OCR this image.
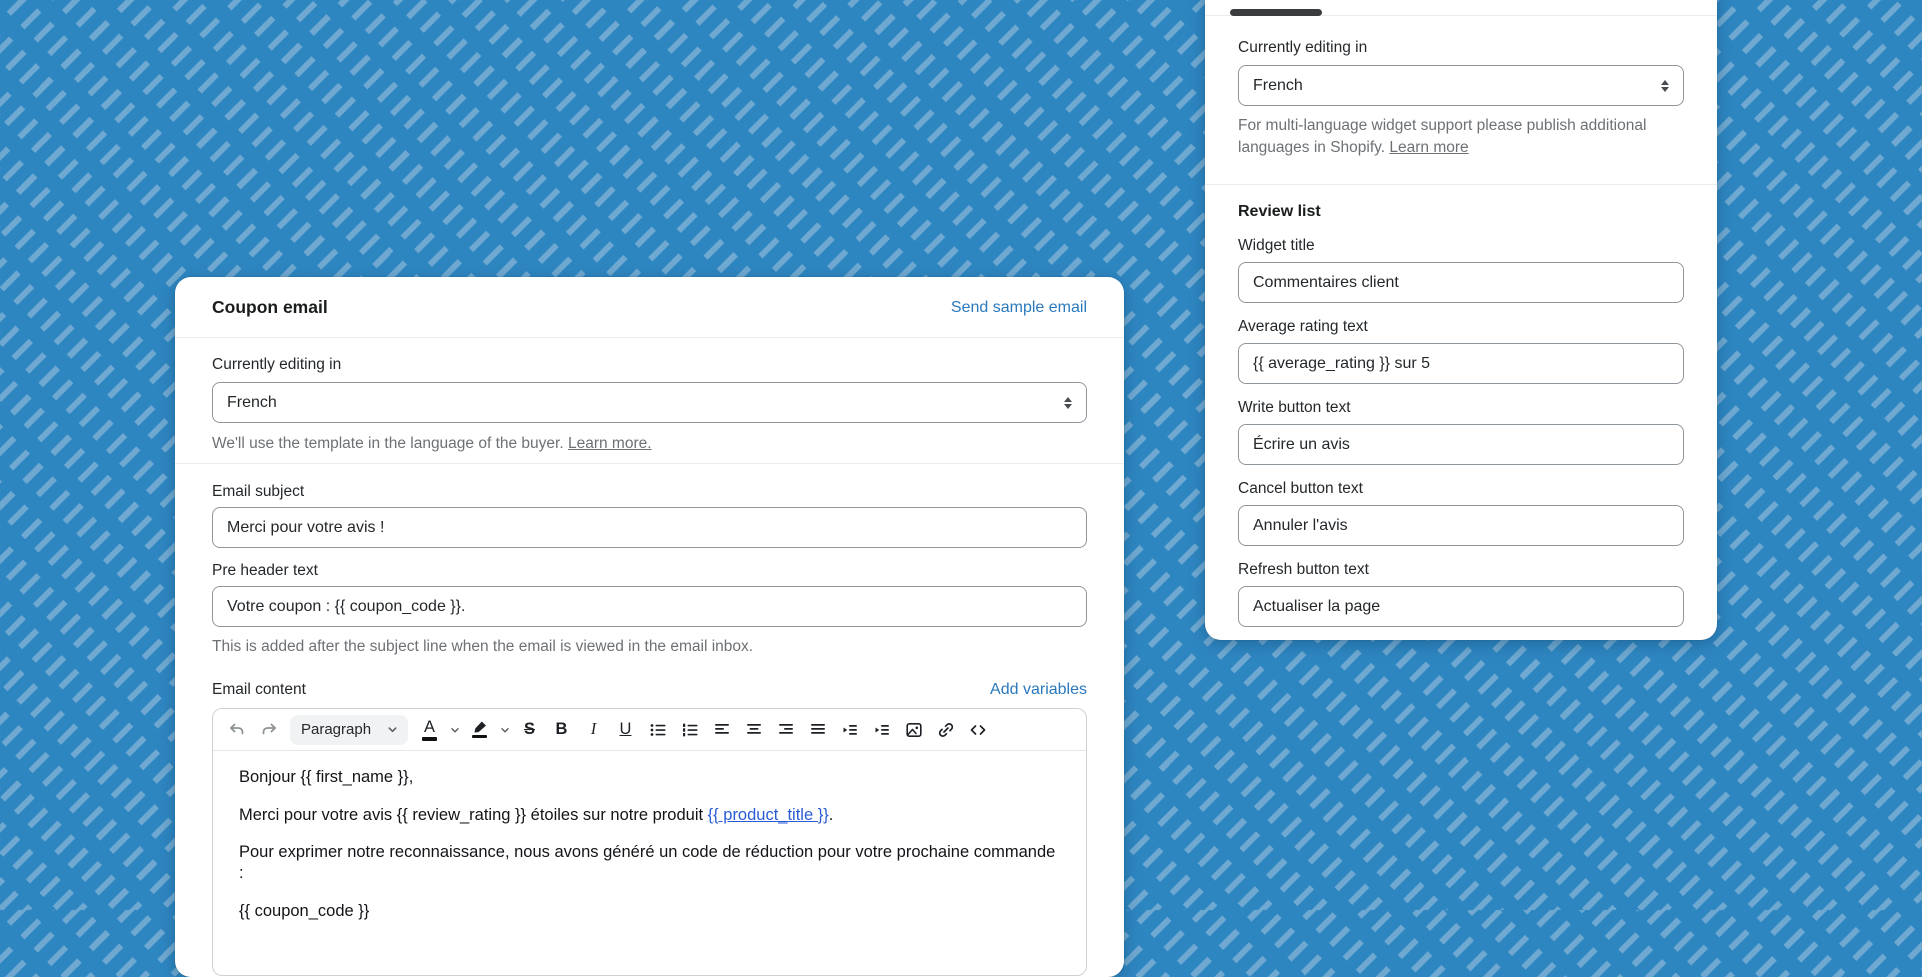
Coupon email	Send sample email
Currently editing in
French
We'll use the template in the language of the buyer. Learn more.
Email subject
Merci pour votre avis !
Pre header text
Votre coupon : {{ coupon_code }}.
This is added after the subject line when the email is viewed in the email inbox.
Email content	Add variables
Paragraph	A	S B I U

Bonjour {{ first_name }},

Merci pour votre avis {{ review_rating }} étoiles sur notre produit {{ product_title }}.

Pour exprimer notre reconnaissance, nous avons généré un code de réduction pour votre prochaine commande :

{{ coupon_code }}

Currently editing in
French
For multi-language widget support please publish additional languages in Shopify. Learn more
Review list
Widget title
Commentaires client
Average rating text
{{ average_rating }} sur 5
Write button text
Écrire un avis
Cancel button text
Annuler l'avis
Refresh button text
Actualiser la page
